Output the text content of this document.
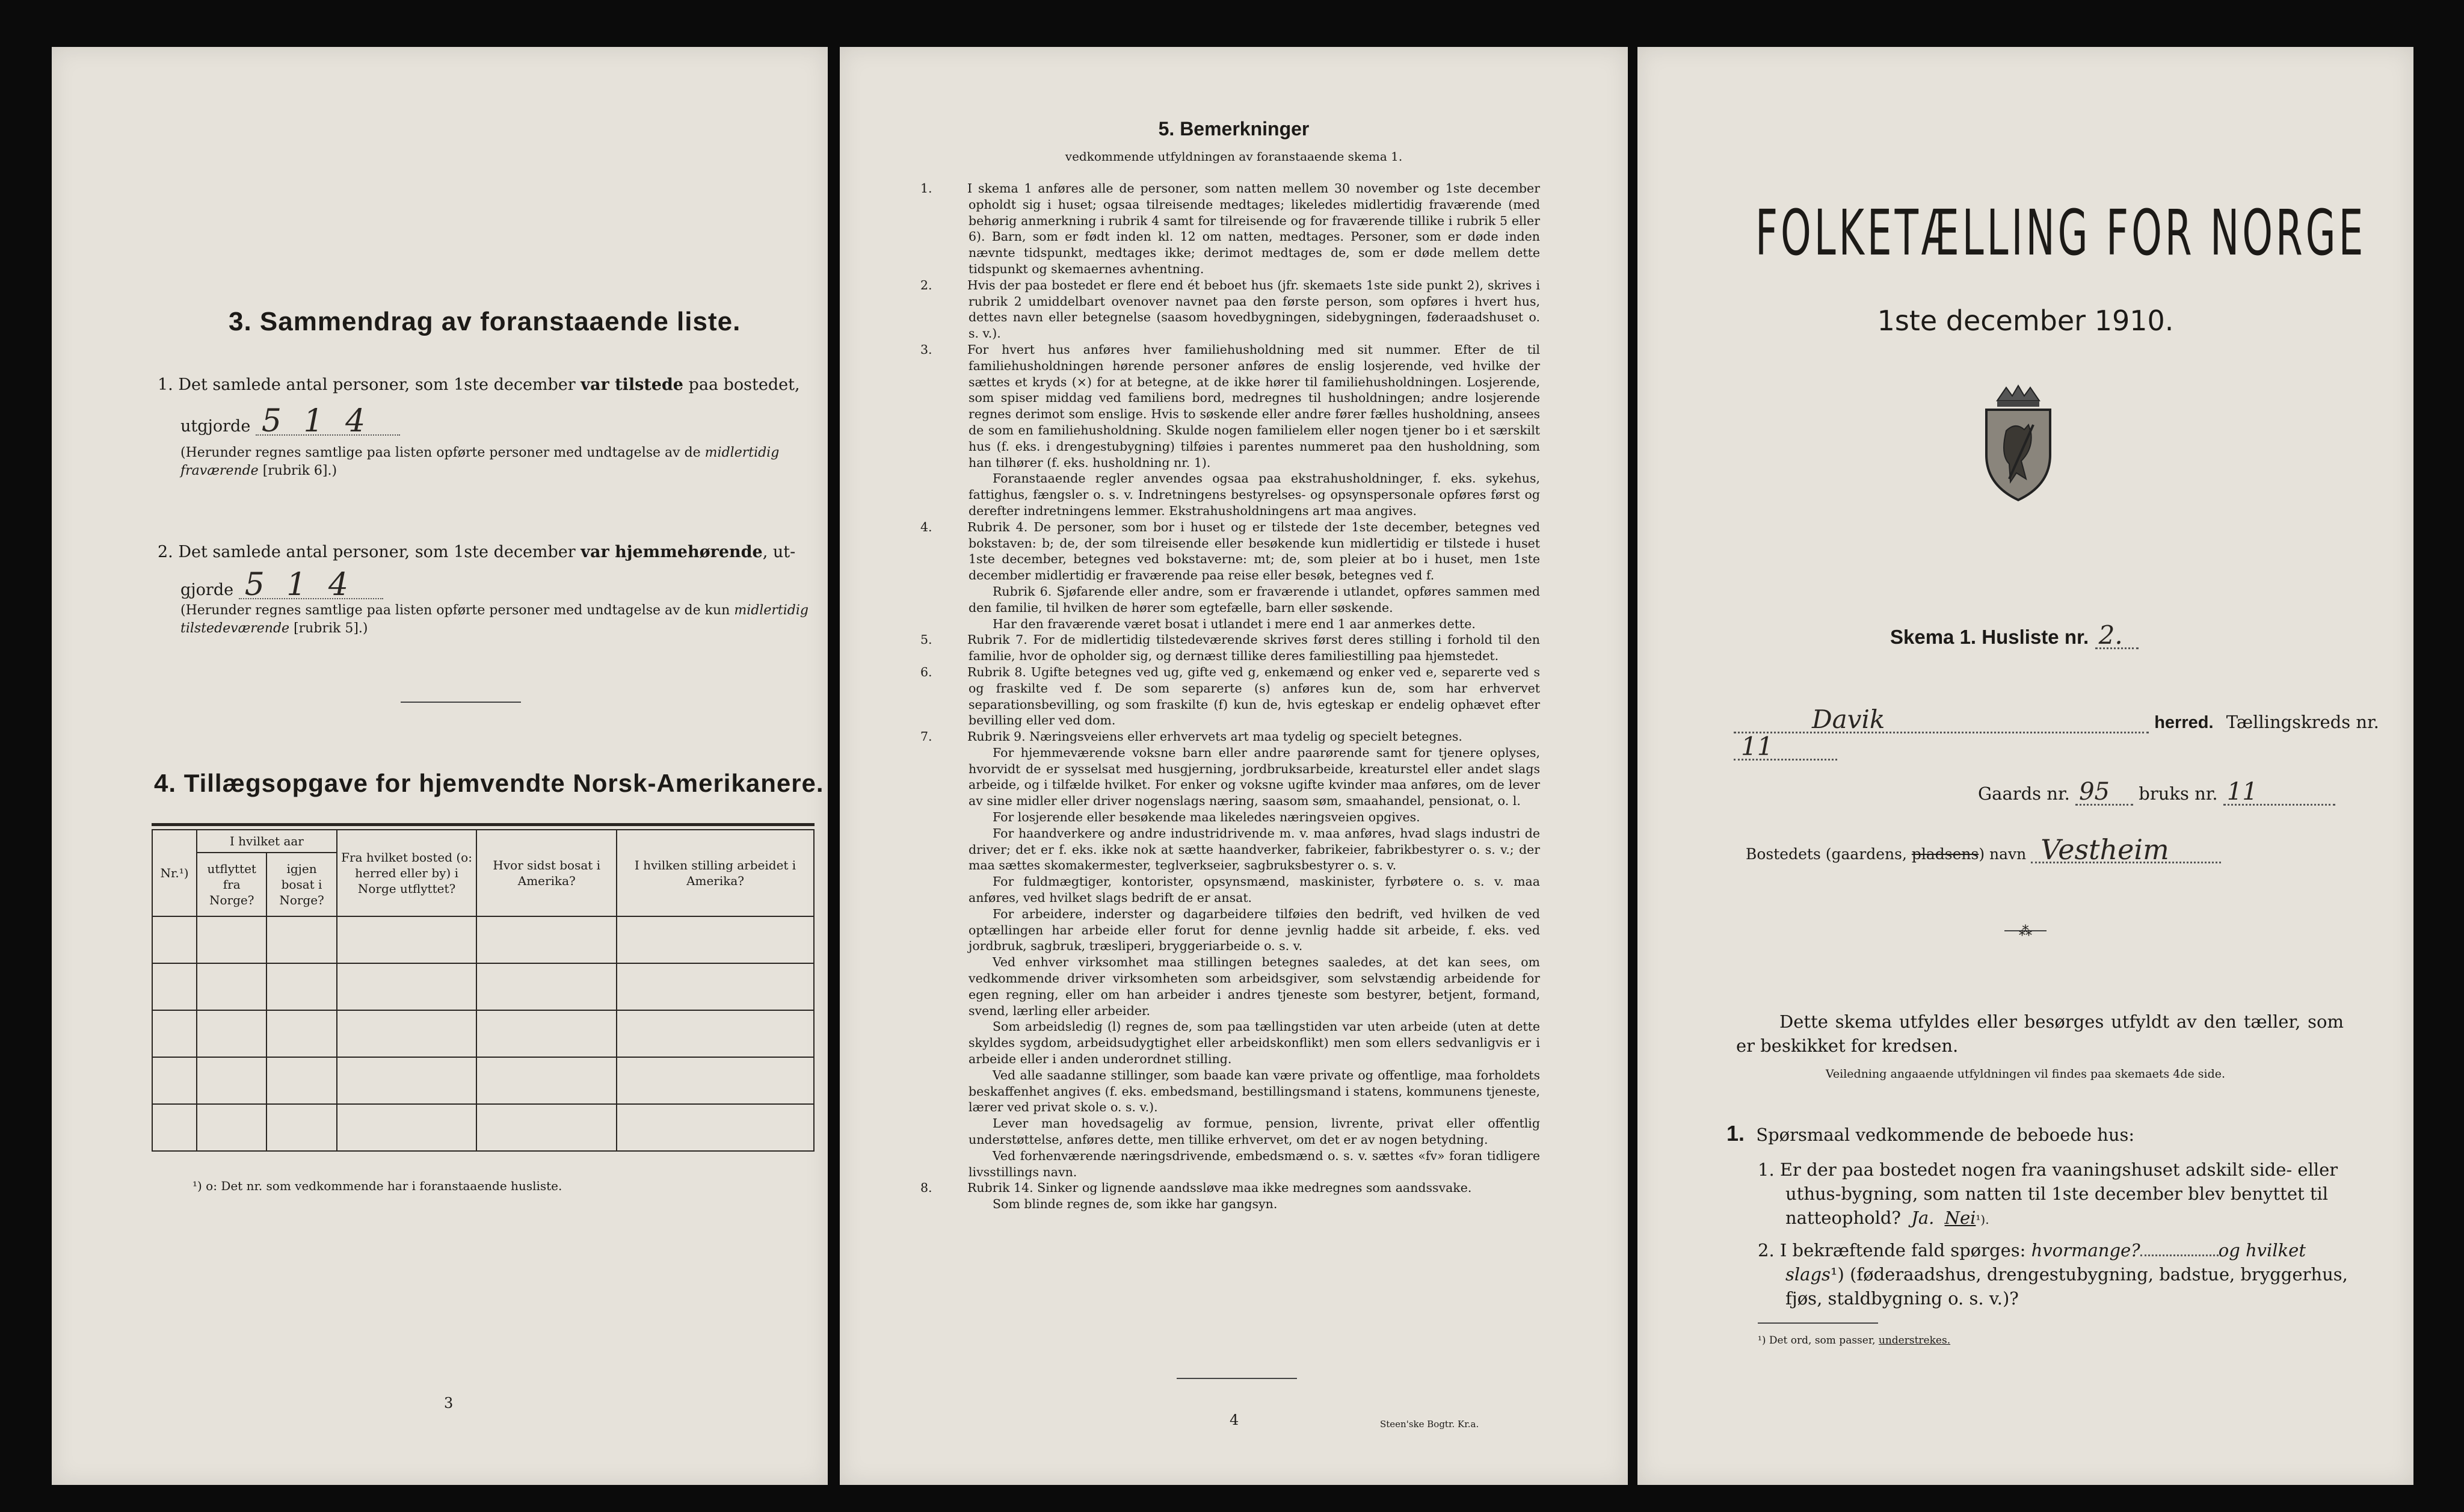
3. Sammendrag av foranstaaende liste.
1. Det samlede antal personer, som 1ste december var tilstede paa bostedet,
utgjorde 5 1 4
(Herunder regnes samtlige paa listen opførte personer med undtagelse av de midlertidig fraværende [rubrik 6].)
2. Det samlede antal personer, som 1ste december var hjemmehørende, ut-
gjorde 5 1 4
(Herunder regnes samtlige paa listen opførte personer med undtagelse av de kun midlertidig tilstedeværende [rubrik 5].)
4. Tillægsopgave for hjemvendte Norsk-Amerikanere.
Nr.¹)	I hvilket aar		Fra hvilket bosted (o: herred eller by) i Norge utflyttet?	Hvor sidst bosat i Amerika?	I hvilken stilling arbeidet i Amerika?
	utflyttet fra Norge?	igjen bosat i Norge?			

¹) o: Det nr. som vedkommende har i foranstaaende husliste.
3
5. Bemerkninger
vedkommende utfyldningen av foranstaaende skema 1.

1.	I skema 1 anføres alle de personer, som natten mellem 30 november og 1ste december opholdt sig i huset; ogsaa tilreisende medtages; likeledes midlertidig fraværende (med behørig anmerkning i rubrik 4 samt for tilreisende og for fraværende tillike i rubrik 5 eller 6). Barn, som er født inden kl. 12 om natten, medtages. Personer, som er døde inden nævnte tidspunkt, medtages ikke; derimot medtages de, som er døde mellem dette tidspunkt og skemaernes avhentning.

2.	Hvis der paa bostedet er flere end ét beboet hus (jfr. skemaets 1ste side punkt 2), skrives i rubrik 2 umiddelbart ovenover navnet paa den første person, som opføres i hvert hus, dettes navn eller betegnelse (saasom hovedbygningen, sidebygningen, føderaadshuset o. s. v.).

3.	For hvert hus anføres hver familiehusholdning med sit nummer. Efter de til familiehusholdningen hørende personer anføres de enslig losjerende, ved hvilke der sættes et kryds (×) for at betegne, at de ikke hører til familiehusholdningen. Losjerende, som spiser middag ved familiens bord, medregnes til husholdningen; andre losjerende regnes derimot som enslige. Hvis to søskende eller andre fører fælles husholdning, ansees de som en familiehusholdning. Skulde nogen familielem eller nogen tjener bo i et særskilt hus (f. eks. i drengestubygning) tilføies i parentes nummeret paa den husholdning, som han tilhører (f. eks. husholdning nr. 1).

Foranstaaende regler anvendes ogsaa paa ekstrahusholdninger, f. eks. sykehus, fattighus, fængsler o. s. v. Indretningens bestyrelses- og opsynspersonale opføres først og derefter indretningens lemmer. Ekstrahusholdningens art maa angives.

4.	Rubrik 4. De personer, som bor i huset og er tilstede der 1ste december, betegnes ved bokstaven: b; de, der som tilreisende eller besøkende kun midlertidig er tilstede i huset 1ste december, betegnes ved bokstaverne: mt; de, som pleier at bo i huset, men 1ste december midlertidig er fraværende paa reise eller besøk, betegnes ved f.

Rubrik 6. Sjøfarende eller andre, som er fraværende i utlandet, opføres sammen med den familie, til hvilken de hører som egtefælle, barn eller søskende.

Har den fraværende været bosat i utlandet i mere end 1 aar anmerkes dette.

5.	Rubrik 7. For de midlertidig tilstedeværende skrives først deres stilling i forhold til den familie, hvor de opholder sig, og dernæst tillike deres familiestilling paa hjemstedet.

6.	Rubrik 8. Ugifte betegnes ved ug, gifte ved g, enkemænd og enker ved e, separerte ved s og fraskilte ved f. De som separerte (s) anføres kun de, som har erhvervet separationsbevilling, og som fraskilte (f) kun de, hvis egteskap er endelig ophævet efter bevilling eller ved dom.

7.	Rubrik 9. Næringsveiens eller erhvervets art maa tydelig og specielt betegnes.

For hjemmeværende voksne barn eller andre paarørende samt for tjenere oplyses, hvorvidt de er sysselsat med husgjerning, jordbruksarbeide, kreaturstel eller andet slags arbeide, og i tilfælde hvilket. For enker og voksne ugifte kvinder maa anføres, om de lever av sine midler eller driver nogenslags næring, saasom søm, smaahandel, pensionat, o. l.

For losjerende eller besøkende maa likeledes næringsveien opgives.

For haandverkere og andre industridrivende m. v. maa anføres, hvad slags industri de driver; det er f. eks. ikke nok at sætte haandverker, fabrikeier, fabrikbestyrer o. s. v.; der maa sættes skomakermester, teglverkseier, sagbruksbestyrer o. s. v.

For fuldmægtiger, kontorister, opsynsmænd, maskinister, fyrbøtere o. s. v. maa anføres, ved hvilket slags bedrift de er ansat.

For arbeidere, inderster og dagarbeidere tilføies den bedrift, ved hvilken de ved optællingen har arbeide eller forut for denne jevnlig hadde sit arbeide, f. eks. ved jordbruk, sagbruk, træsliperi, bryggeriarbeide o. s. v.

Ved enhver virksomhet maa stillingen betegnes saaledes, at det kan sees, om vedkommende driver virksomheten som arbeidsgiver, som selvstændig arbeidende for egen regning, eller om han arbeider i andres tjeneste som bestyrer, betjent, formand, svend, lærling eller arbeider.

Som arbeidsledig (l) regnes de, som paa tællingstiden var uten arbeide (uten at dette skyldes sygdom, arbeidsudygtighet eller arbeidskonflikt) men som ellers sedvanligvis er i arbeide eller i anden underordnet stilling.

Ved alle saadanne stillinger, som baade kan være private og offentlige, maa forholdets beskaffenhet angives (f. eks. embedsmand, bestillingsmand i statens, kommunens tjeneste, lærer ved privat skole o. s. v.).

Lever man hovedsagelig av formue, pension, livrente, privat eller offentlig understøttelse, anføres dette, men tillike erhvervet, om det er av nogen betydning.

Ved forhenværende næringsdrivende, embedsmænd o. s. v. sættes «fv» foran tidligere livsstillings navn.

8.	Rubrik 14. Sinker og lignende aandssløve maa ikke medregnes som aandssvake.

Som blinde regnes de, som ikke har gangsyn.

4	Steen'ske Bogtr. Kr.a.
FOLKETÆLLING FOR NORGE
1ste december 1910.
Skema 1. Husliste nr. 2.
Davik	herred. Tællingskreds nr. 11
Gaards nr. 95 bruks nr. 11
Bostedets (gaardens, pladsens) navn Vestheim
⁂
Dette skema utfyldes eller besørges utfyldt av den tæller, som er beskikket for kredsen.
Veiledning angaaende utfyldningen vil findes paa skemaets 4de side.
1. Spørsmaal vedkommende de beboede hus:
1. Er der paa bostedet nogen fra vaaningshuset adskilt side- eller uthus-bygning, som natten til 1ste december blev benyttet til natteophold? Ja. Nei¹).
2. I bekræftende fald spørges: hvormange?	og hvilket slags¹) (føderaadshus, drengestubygning, badstue, bryggerhus, fjøs, staldbygning o. s. v.)?
¹) Det ord, som passer, understrekes.
